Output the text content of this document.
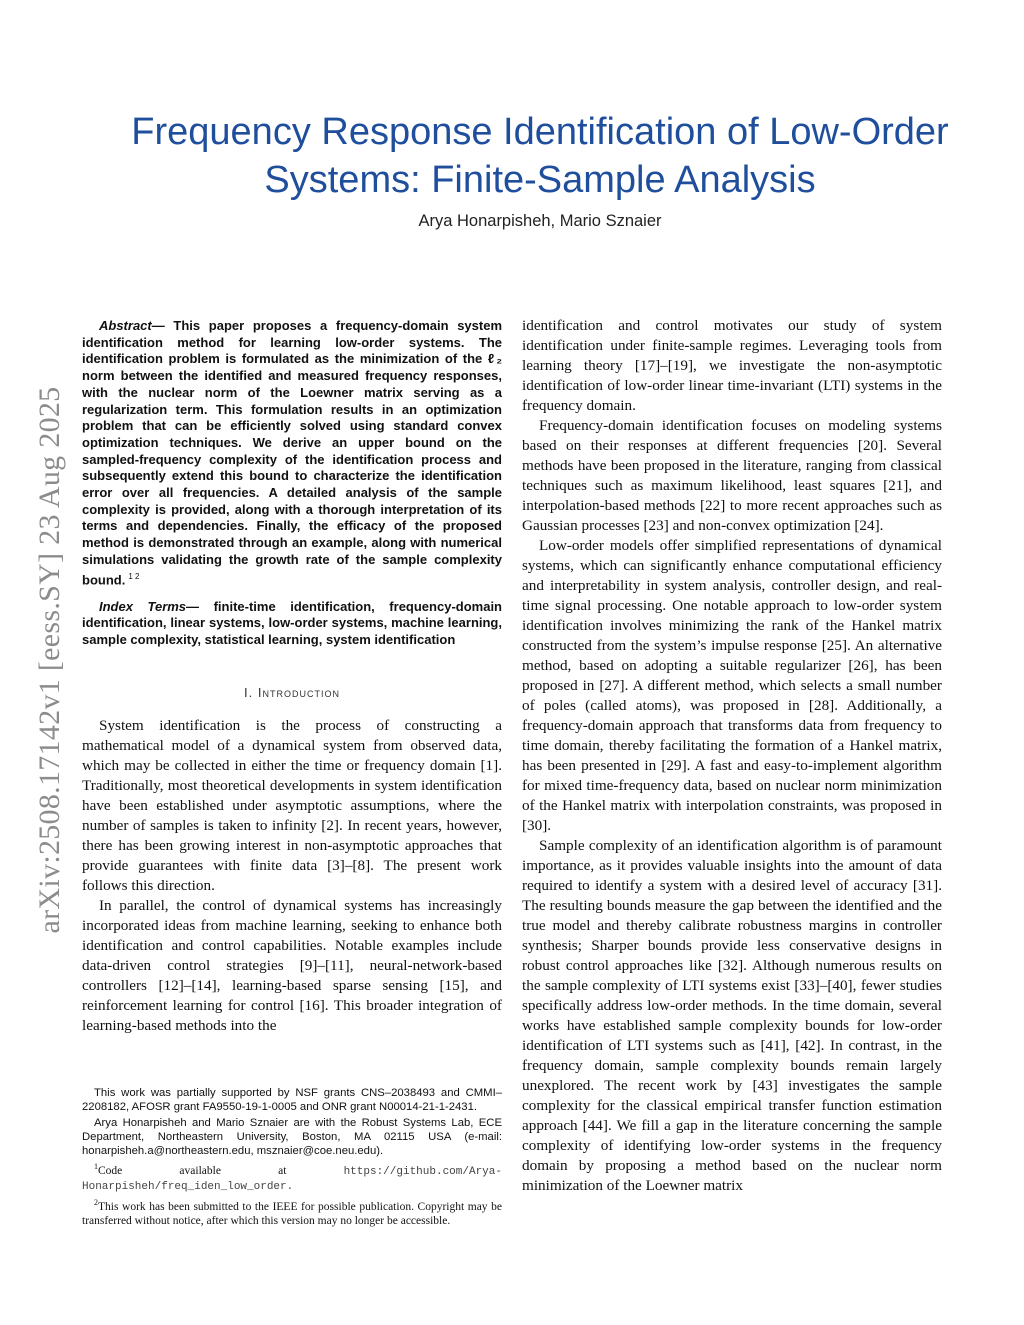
arXiv:2508.17142v1 [eess.SY] 23 Aug 2025
Frequency Response Identification of Low-Order Systems: Finite-Sample Analysis
Arya Honarpisheh, Mario Sznaier

Abstract— This paper proposes a frequency-domain system identification method for learning low-order systems. The identification problem is formulated as the minimization of the ℓ₂ norm between the identified and measured frequency responses, with the nuclear norm of the Loewner matrix serving as a regularization term. This formulation results in an optimization problem that can be efficiently solved using standard convex optimization techniques. We derive an upper bound on the sampled-frequency complexity of the identification process and subsequently extend this bound to characterize the identification error over all frequencies. A detailed analysis of the sample complexity is provided, along with a thorough interpretation of its terms and dependencies. Finally, the efficacy of the proposed method is demonstrated through an example, along with numerical simulations validating the growth rate of the sample complexity bound. $^{1 2}$

Index Terms— finite-time identification, frequency-domain identification, linear systems, low-order systems, machine learning, sample complexity, statistical learning, system identification

I. Introduction

System identification is the process of constructing a mathematical model of a dynamical system from observed data, which may be collected in either the time or frequency domain [1]. Traditionally, most theoretical developments in system identification have been established under asymptotic assumptions, where the number of samples is taken to infinity [2]. In recent years, however, there has been growing interest in non-asymptotic approaches that provide guarantees with finite data [3]–[8]. The present work follows this direction.

In parallel, the control of dynamical systems has increasingly incorporated ideas from machine learning, seeking to enhance both identification and control capabilities. Notable examples include data-driven control strategies [9]–[11], neural-network-based controllers [12]–[14], learning-based sparse sensing [15], and reinforcement learning for control [16]. This broader integration of learning-based methods into the

identification and control motivates our study of system identification under finite-sample regimes. Leveraging tools from learning theory [17]–[19], we investigate the non-asymptotic identification of low-order linear time-invariant (LTI) systems in the frequency domain.

Frequency-domain identification focuses on modeling systems based on their responses at different frequencies [20]. Several methods have been proposed in the literature, ranging from classical techniques such as maximum likelihood, least squares [21], and interpolation-based methods [22] to more recent approaches such as Gaussian processes [23] and non-convex optimization [24].

Low-order models offer simplified representations of dynamical systems, which can significantly enhance computational efficiency and interpretability in system analysis, controller design, and real-time signal processing. One notable approach to low-order system identification involves minimizing the rank of the Hankel matrix constructed from the system’s impulse response [25]. An alternative method, based on adopting a suitable regularizer [26], has been proposed in [27]. A different method, which selects a small number of poles (called atoms), was proposed in [28]. Additionally, a frequency-domain approach that transforms data from frequency to time domain, thereby facilitating the formation of a Hankel matrix, has been presented in [29]. A fast and easy-to-implement algorithm for mixed time-frequency data, based on nuclear norm minimization of the Hankel matrix with interpolation constraints, was proposed in [30].

Sample complexity of an identification algorithm is of paramount importance, as it provides valuable insights into the amount of data required to identify a system with a desired level of accuracy [31]. The resulting bounds measure the gap between the identified and the true model and thereby calibrate robustness margins in controller synthesis; Sharper bounds provide less conservative designs in robust control approaches like [32]. Although numerous results on the sample complexity of LTI systems exist [33]–[40], fewer studies specifically address low-order methods. In the time domain, several works have established sample complexity bounds for low-order identification of LTI systems such as [41], [42]. In contrast, in the frequency domain, sample complexity bounds remain largely unexplored. The recent work by [43] investigates the sample complexity for the classical empirical transfer function estimation approach [44]. We fill a gap in the literature concerning the sample complexity of identifying low-order systems in the frequency domain by proposing a method based on the nuclear norm minimization of the Loewner matrix

This work was partially supported by NSF grants CNS–2038493 and CMMI–2208182, AFOSR grant FA9550-19-1-0005 and ONR grant N00014-21-1-2431.

Arya Honarpisheh and Mario Sznaier are with the Robust Systems Lab, ECE Department, Northeastern University, Boston, MA 02115 USA (e-mail: honarpisheh.a@northeastern.edu, msznaier@coe.neu.edu).

$^1$Code available at https://github.com/Arya-Honarpisheh/freq_iden_low_order.

$^2$This work has been submitted to the IEEE for possible publication. Copyright may be transferred without notice, after which this version may no longer be accessible.
